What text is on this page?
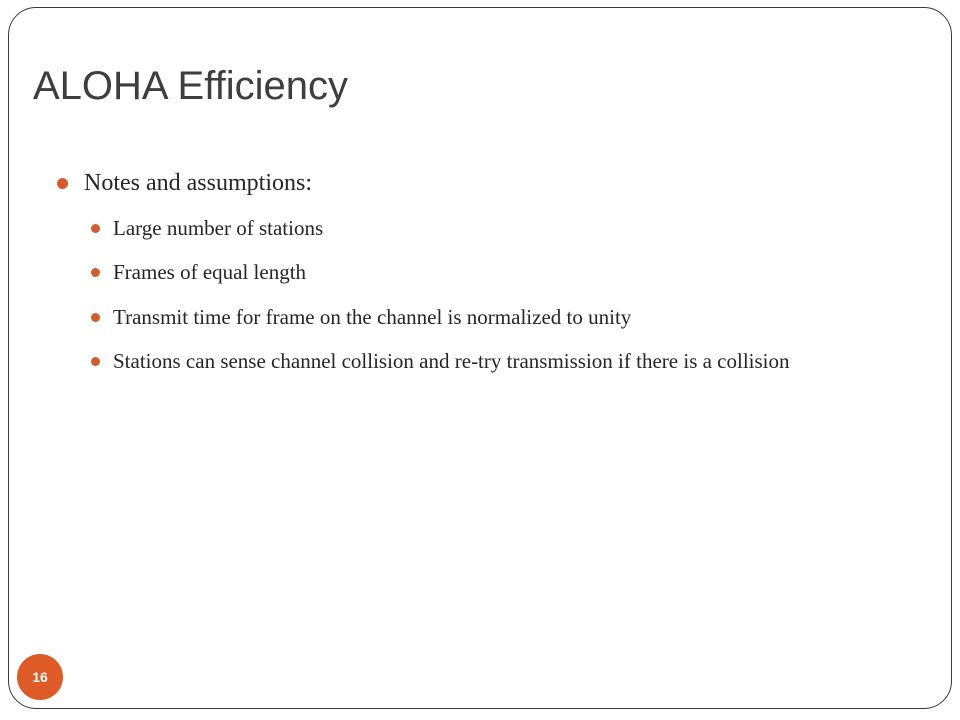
ALOHA Efficiency
Notes and assumptions:
Large number of stations
Frames of equal length
Transmit time for frame on the channel is normalized to unity
Stations can sense channel collision and re-try transmission if there is a collision
16
